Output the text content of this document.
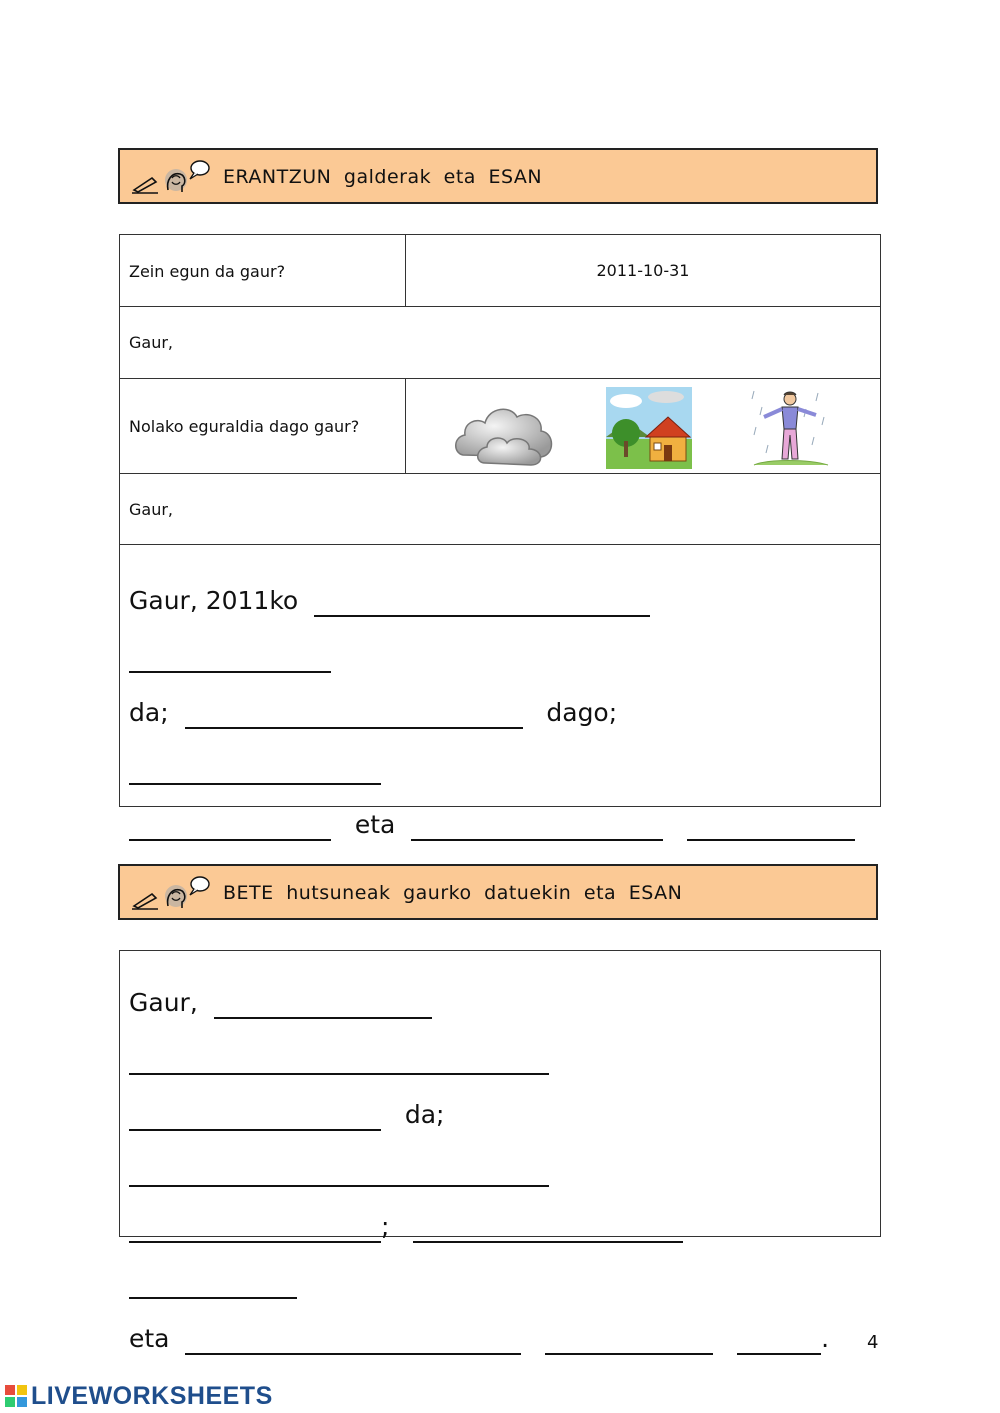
ERANTZUN galderak eta ESAN
Zein egun da gaur?	2011-10-31
Gaur,
Nolako eguraldia dago gaur?
Gaur,
Gaur, 2011ko
da;	dago;
eta
BETE hutsuneak gaurko datuekin eta ESAN
Gaur,
da;
;
eta	.	4
LIVEWORKSHEETS
